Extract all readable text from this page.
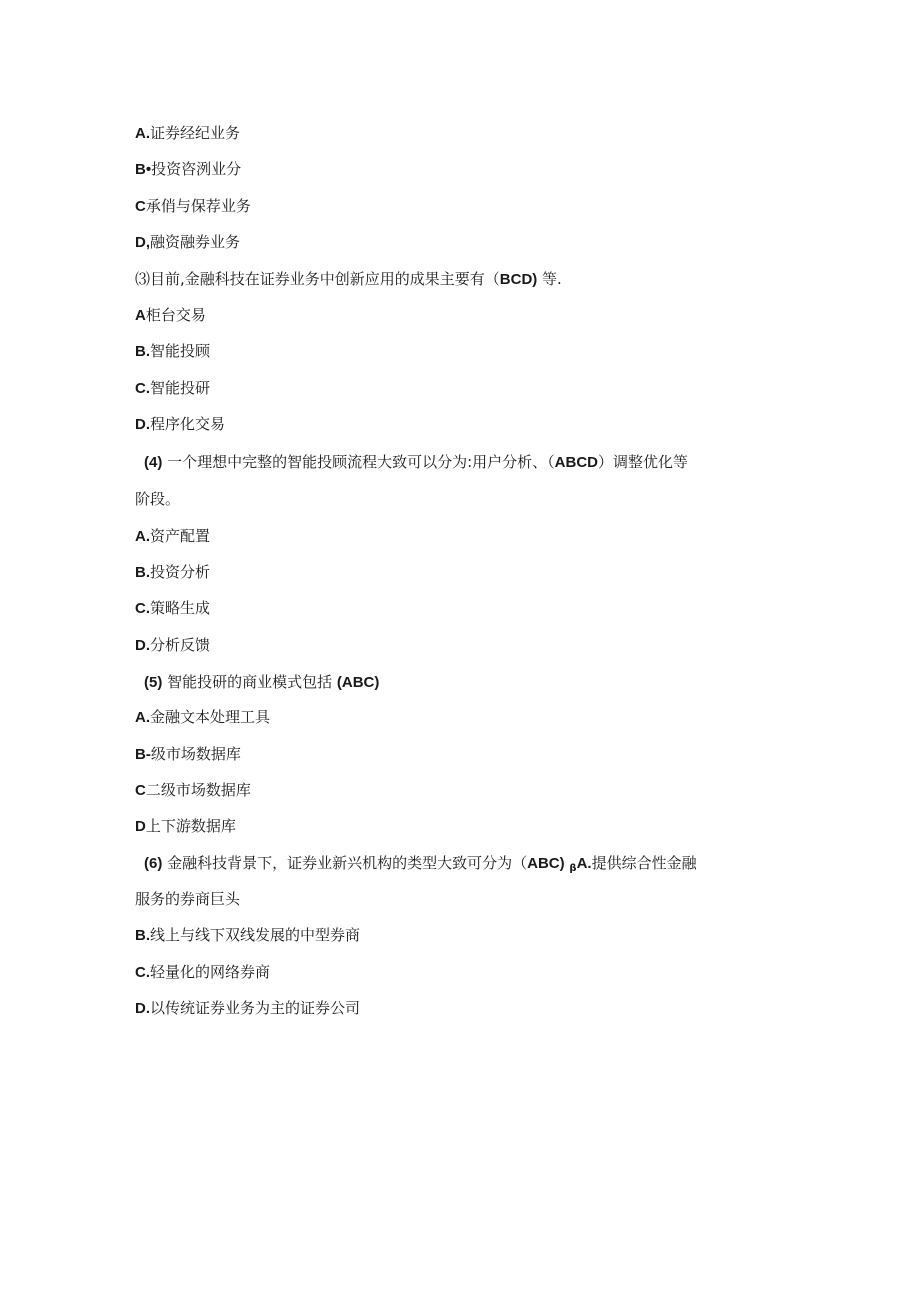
A.证券经纪业务
B•投资咨洌业分
C承俏与保荐业务
D,融资融券业务
⑶目前,金融科技在证券业务中创新应用的成果主要有（BCD) 等.
A柜台交易
B.智能投顾
C.智能投研
D.程序化交易
(4) 一个理想中完整的智能投顾流程大致可以分为:用户分析、（ABCD）调整优化等
阶段。
A.资产配置
B.投资分析
C.策略生成
D.分析反馈
(5) 智能投研的商业模式包括 (ABC)
A.金融文本处理工具
B-级市场数据库
C二级市场数据库
D上下游数据库
(6) 金融科技背景下，证券业新兴机构的类型大致可分为（ABC) $_\beta$A.提供综合性金融
服务的券商巨头
B.线上与线下双线发展的中型券商
C.轻量化的网络券商
D.以传统证券业务为主的证券公司
